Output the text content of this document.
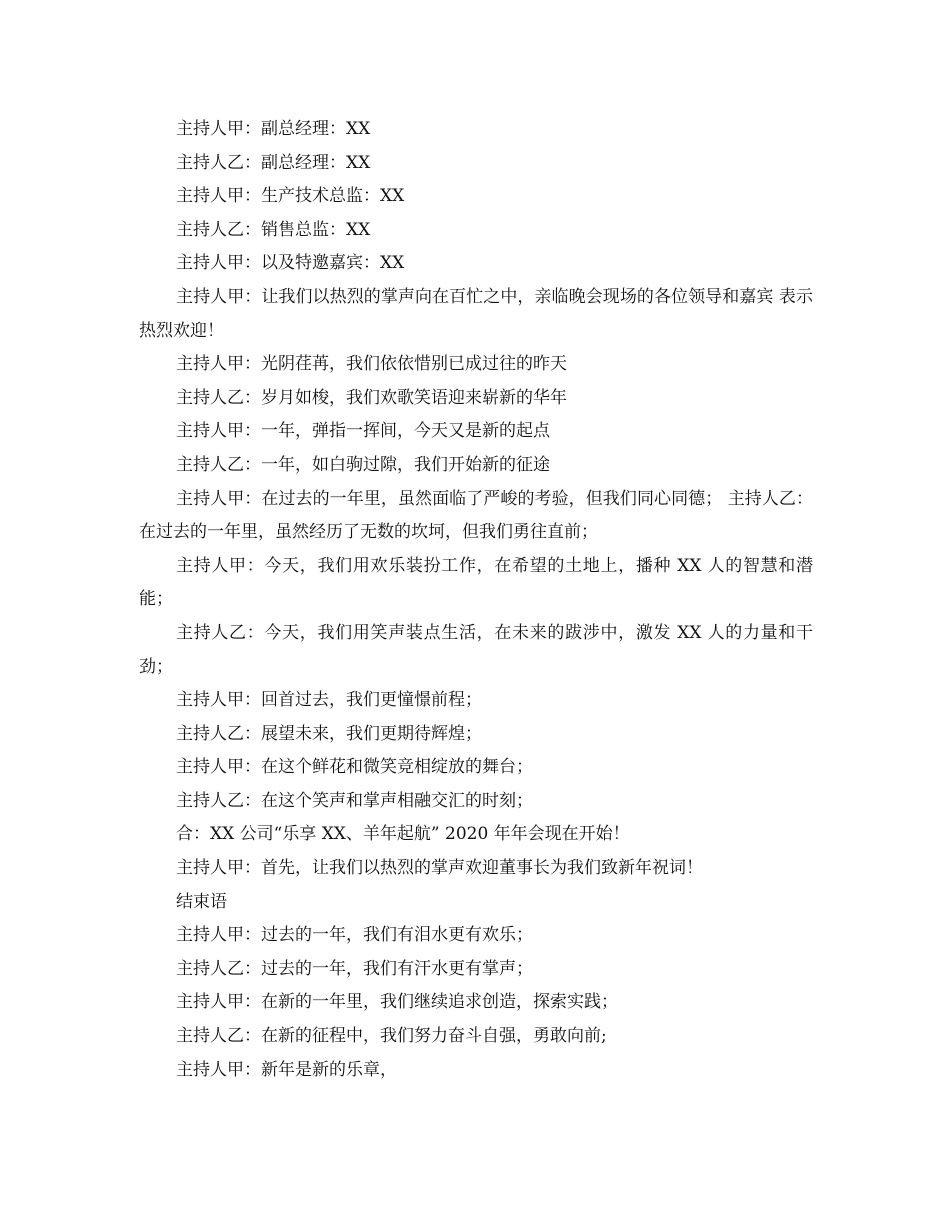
主持人甲：副总经理：XX

主持人乙：副总经理：XX

主持人甲：生产技术总监：XX

主持人乙：销售总监：XX

主持人甲：以及特邀嘉宾：XX

主持人甲：让我们以热烈的掌声向在百忙之中，亲临晚会现场的各位领导和嘉宾 表示热烈欢迎！

主持人甲：光阴荏苒，我们依依惜别已成过往的昨天

主持人乙：岁月如梭，我们欢歌笑语迎来崭新的华年

主持人甲：一年，弹指一挥间，今天又是新的起点

主持人乙：一年，如白驹过隙，我们开始新的征途

主持人甲：在过去的一年里，虽然面临了严峻的考验，但我们同心同德； 主持人乙：在过去的一年里，虽然经历了无数的坎坷，但我们勇往直前；

主持人甲：今天，我们用欢乐装扮工作，在希望的土地上，播种 XX 人的智慧和潜能；

主持人乙：今天，我们用笑声装点生活，在未来的跋涉中，激发 XX 人的力量和干劲；

主持人甲：回首过去，我们更憧憬前程；

主持人乙：展望未来，我们更期待辉煌；

主持人甲：在这个鲜花和微笑竞相绽放的舞台；

主持人乙：在这个笑声和掌声相融交汇的时刻；

合：XX 公司“乐享 XX、羊年起航” 2020 年年会现在开始！

主持人甲：首先，让我们以热烈的掌声欢迎董事长为我们致新年祝词！

结束语

主持人甲：过去的一年，我们有泪水更有欢乐；

主持人乙：过去的一年，我们有汗水更有掌声；

主持人甲：在新的一年里，我们继续追求创造，探索实践；

主持人乙：在新的征程中，我们努力奋斗自强，勇敢向前;

主持人甲：新年是新的乐章，
